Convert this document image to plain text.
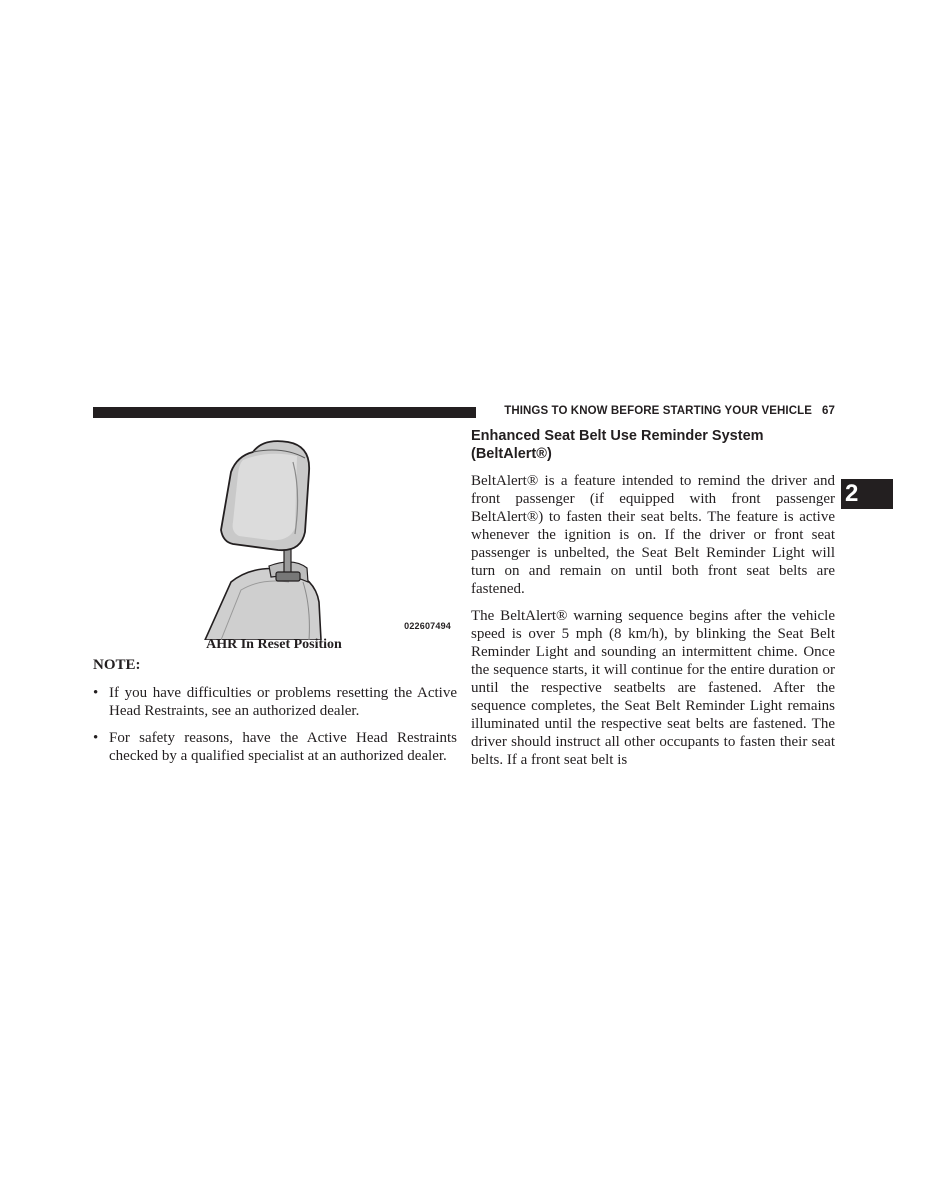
THINGS TO KNOW BEFORE STARTING YOUR VEHICLE 67
2
022607494
AHR In Reset Position

NOTE:

• If you have difficulties or problems resetting the Active Head Restraints, see an authorized dealer.
• For safety reasons, have the Active Head Restraints checked by a qualified specialist at an authorized dealer.
Enhanced Seat Belt Use Reminder System (BeltAlert®)

BeltAlert® is a feature intended to remind the driver and front passenger (if equipped with front passenger BeltAlert®) to fasten their seat belts. The feature is active whenever the ignition is on. If the driver or front seat passenger is unbelted, the Seat Belt Reminder Light will turn on and remain on until both front seat belts are fastened.

The BeltAlert® warning sequence begins after the vehicle speed is over 5 mph (8 km/h), by blinking the Seat Belt Reminder Light and sounding an intermittent chime. Once the sequence starts, it will continue for the entire duration or until the respective seatbelts are fastened. After the sequence completes, the Seat Belt Reminder Light remains illuminated until the respective seat belts are fastened. The driver should instruct all other occupants to fasten their seat belts. If a front seat belt is
